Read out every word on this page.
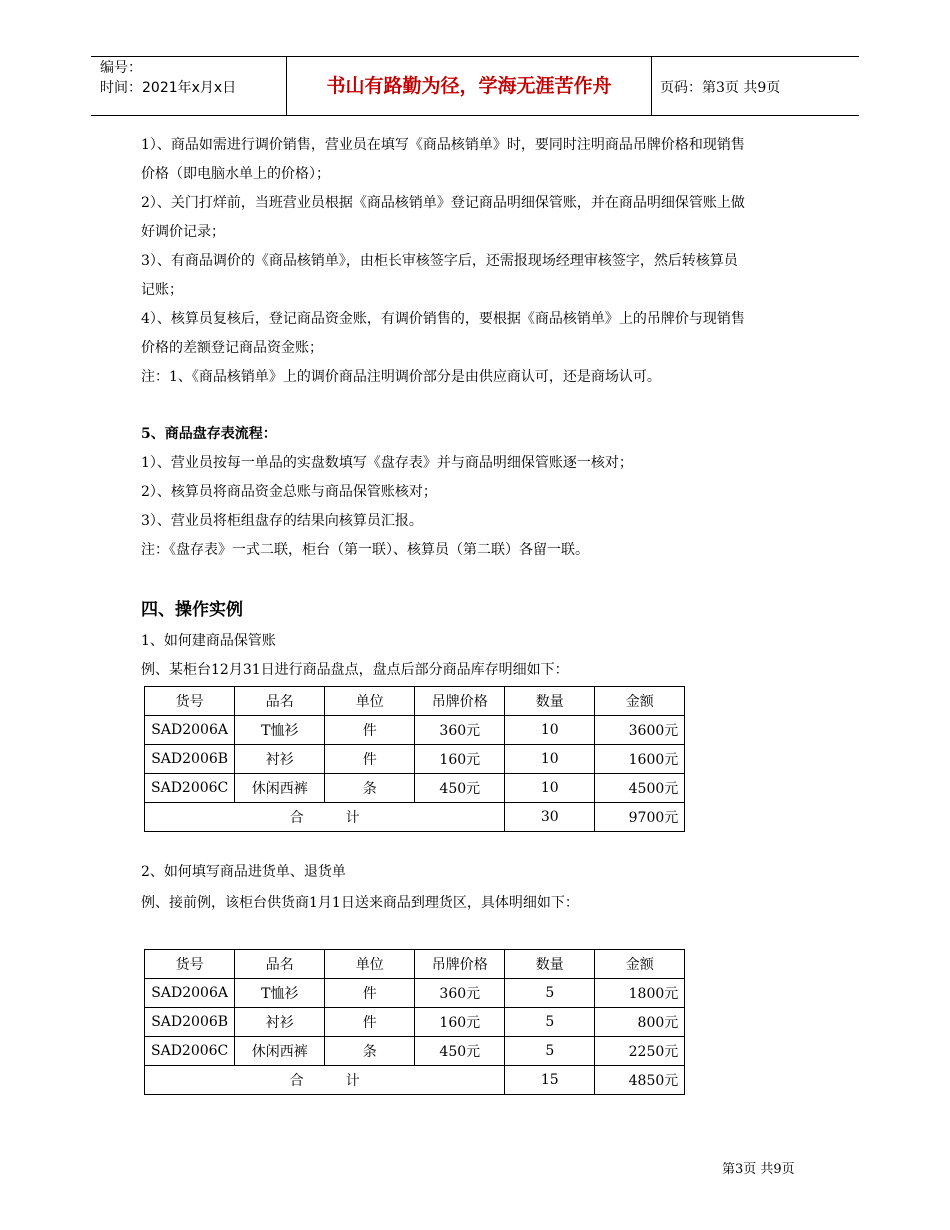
编号：
时间：2021年x月x日	书山有路勤为径，学海无涯苦作舟	页码：第3页 共9页
1）、商品如需进行调价销售，营业员在填写《商品核销单》时，要同时注明商品吊牌价格和现销售
价格（即电脑水单上的价格）；
2）、关门打烊前，当班营业员根据《商品核销单》登记商品明细保管账，并在商品明细保管账上做
好调价记录；
3）、有商品调价的《商品核销单》，由柜长审核签字后，还需报现场经理审核签字，然后转核算员
记账；
4）、核算员复核后，登记商品资金账，有调价销售的，要根据《商品核销单》上的吊牌价与现销售
价格的差额登记商品资金账；
注：1、《商品核销单》上的调价商品注明调价部分是由供应商认可，还是商场认可。
5、商品盘存表流程：
1）、营业员按每一单品的实盘数填写《盘存表》并与商品明细保管账逐一核对；
2）、核算员将商品资金总账与商品保管账核对；
3）、营业员将柜组盘存的结果向核算员汇报。
注：《盘存表》一式二联，柜台（第一联）、核算员（第二联）各留一联。
四、操作实例
1、如何建商品保管账
例、某柜台12月31日进行商品盘点，盘点后部分商品库存明细如下：
2、如何填写商品进货单、退货单
例、接前例，该柜台供货商1月1日送来商品到理货区，具体明细如下：
货号	品名	单位	吊牌价格	数量	金额
SAD2006A	T恤衫	件	360元	10	3600元
SAD2006B	衬衫	件	160元	10	1600元
SAD2006C	休闲西裤	条	450元	10	4500元
合　　　计				30	9700元
货号	品名	单位	吊牌价格	数量	金额
SAD2006A	T恤衫	件	360元	5	1800元
SAD2006B	衬衫	件	160元	5	800元
SAD2006C	休闲西裤	条	450元	5	2250元
合　　　计				15	4850元
第3页 共9页
